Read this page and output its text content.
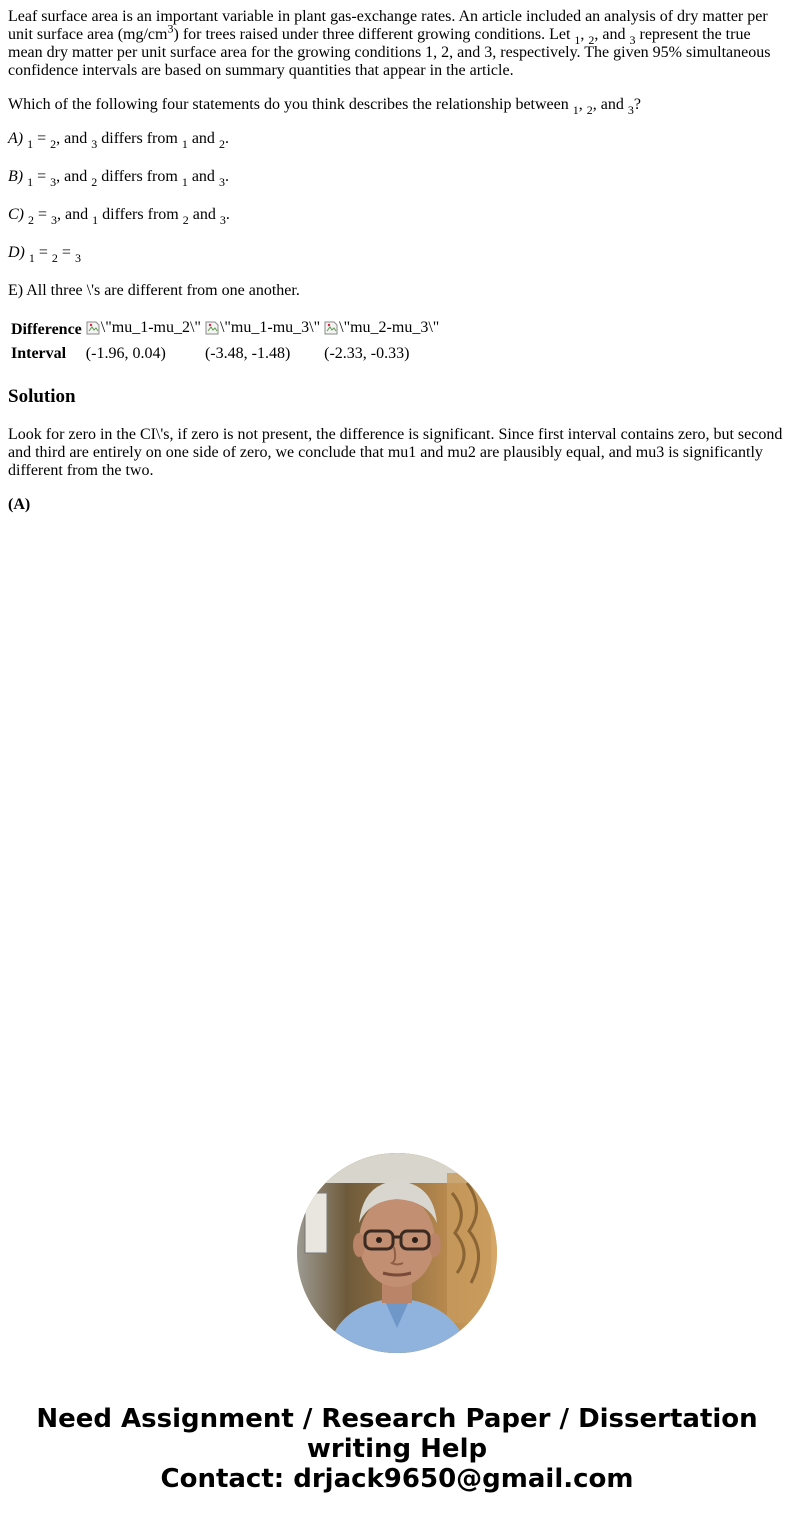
Leaf surface area is an important variable in plant gas-exchange rates. An article included an analysis of dry matter per unit surface area $(mg/cm^3)$ for trees raised under three different growing conditions. Let $_1$, $_2$, and $_3$ represent the true mean dry matter per unit surface area for the growing conditions 1, 2, and 3, respectively. The given 95% simultaneous confidence intervals are based on summary quantities that appear in the article.

Which of the following four statements do you think describes the relationship between $_1$, $_2$, and $_3$?

A) $_1$ = $_2$, and $_3$ differs from $_1$ and $_2$.

B) $_1$ = $_3$, and $_2$ differs from $_1$ and $_3$.

C) $_2$ = $_3$, and $_1$ differs from $_2$ and $_3$.

D) $_1$ = $_2$ = $_3$

E) All three \'s are different from one another.

Difference	\"mu_1-mu_2\"	\"mu_1-mu_3\"	\"mu_2-mu_3\"

Interval	(-1.96, 0.04)	(-3.48, -1.48)	(-2.33, -0.33)
Solution

Look for zero in the CI\'s, if zero is not present, the difference is significant. Since first interval contains zero, but second and third are entirely on one side of zero, we conclude that mu1 and mu2 are plausibly equal, and mu3 is significantly different from the two.

(A)

Need Assignment / Research Paper / Dissertation
writing Help
Contact: drjack9650@gmail.com
